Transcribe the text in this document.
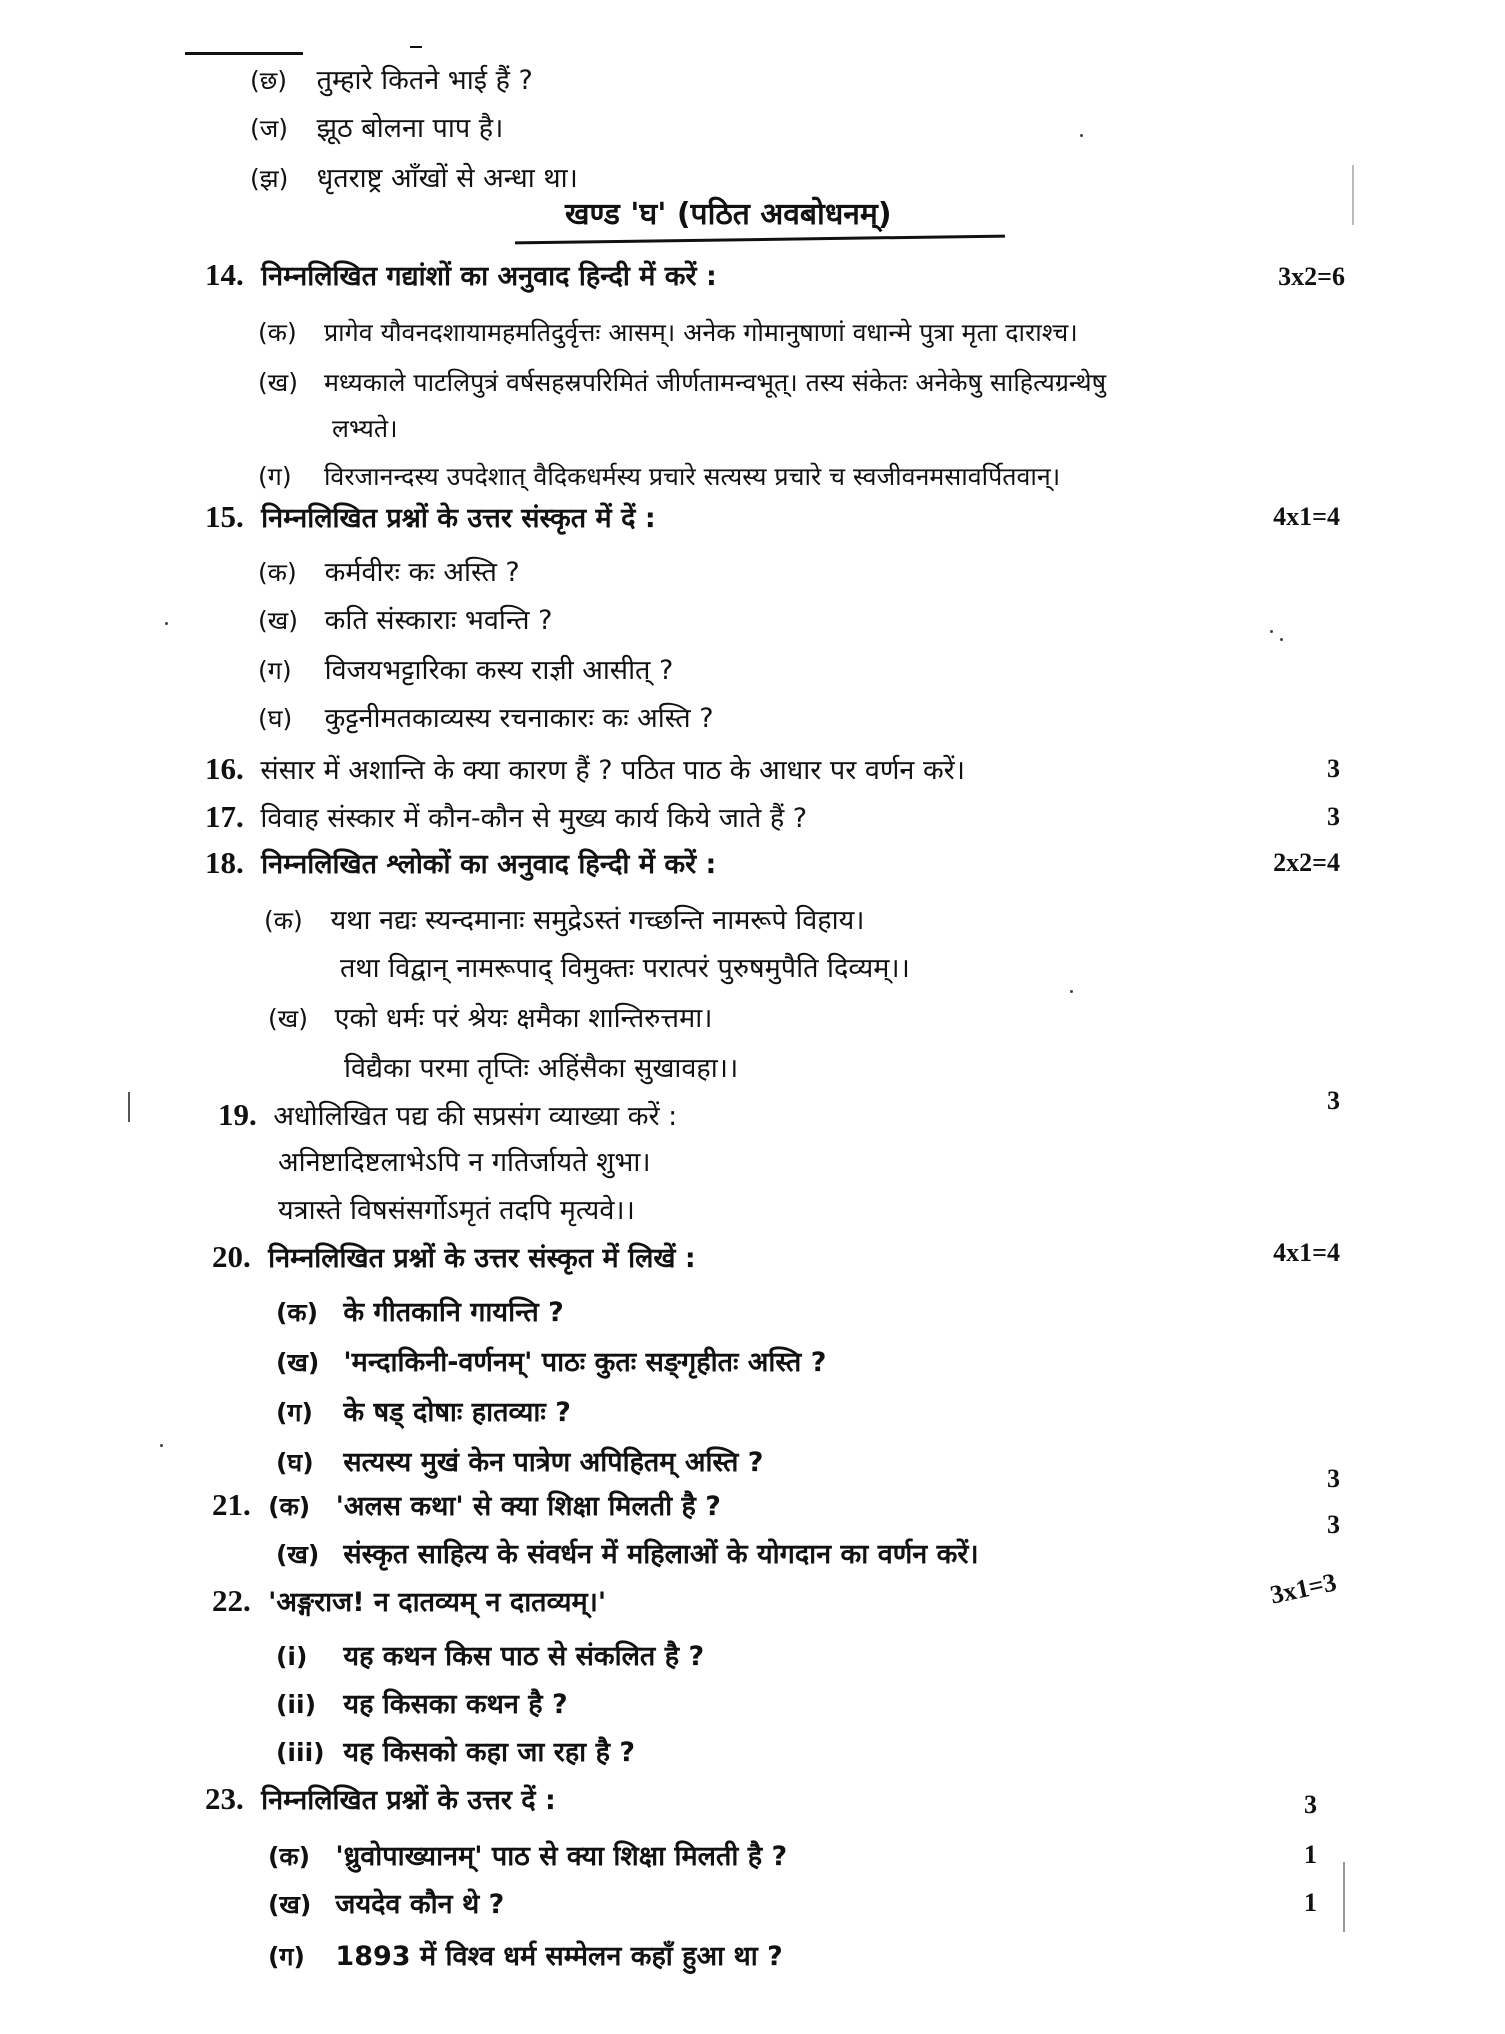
(छ) तुम्हारे कितने भाई हैं ?
(ज) झूठ बोलना पाप है।
(झ) धृतराष्ट्र आँखों से अन्धा था।
खण्ड 'घ' (पठित अवबोधनम्)
14. निम्नलिखित गद्यांशों का अनुवाद हिन्दी में करें :	3x2=6
(क) प्रागेव यौवनदशायामहमतिदुर्वृत्तः आसम्। अनेक गोमानुषाणां वधान्मे पुत्रा मृता दाराश्च।
(ख) मध्यकाले पाटलिपुत्रं वर्षसहस्रपरिमितं जीर्णतामन्वभूत्। तस्य संकेतः अनेकेषु साहित्यग्रन्थेषु
लभ्यते।
(ग) विरजानन्दस्य उपदेशात् वैदिकधर्मस्य प्रचारे सत्यस्य प्रचारे च स्वजीवनमसावर्पितवान्।
15. निम्नलिखित प्रश्नों के उत्तर संस्कृत में दें :	4x1=4
(क) कर्मवीरः कः अस्ति ?
(ख) कति संस्काराः भवन्ति ?
(ग) विजयभट्टारिका कस्य राज्ञी आसीत् ?
(घ) कुट्टनीमतकाव्यस्य रचनाकारः कः अस्ति ?
16. संसार में अशान्ति के क्या कारण हैं ? पठित पाठ के आधार पर वर्णन करें।	3
17. विवाह संस्कार में कौन-कौन से मुख्य कार्य किये जाते हैं ?	3
18. निम्नलिखित श्लोकों का अनुवाद हिन्दी में करें :	2x2=4
(क) यथा नद्यः स्यन्दमानाः समुद्रेऽस्तं गच्छन्ति नामरूपे विहाय।
तथा विद्वान् नामरूपाद् विमुक्तः परात्परं पुरुषमुपैति दिव्यम्।।
(ख) एको धर्मः परं श्रेयः क्षमैका शान्तिरुत्तमा।
विद्यैका परमा तृप्तिः अहिंसैका सुखावहा।।
19. अधोलिखित पद्य की सप्रसंग व्याख्या करें :
3
अनिष्टादिष्टलाभेऽपि न गतिर्जायते शुभा।
यत्रास्ते विषसंसर्गोऽमृतं तदपि मृत्यवे।।
20. निम्नलिखित प्रश्नों के उत्तर संस्कृत में लिखें :	4x1=4
(क) के गीतकानि गायन्ति ?
(ख) 'मन्दाकिनी-वर्णनम्' पाठः कुतः सङ्गृहीतः अस्ति ?
(ग) के षड् दोषाः हातव्याः ?
(घ) सत्यस्य मुखं केन पात्रेण अपिहितम् अस्ति ?
21. (क) 'अलस कथा' से क्या शिक्षा मिलती है ?
3
3
(ख) संस्कृत साहित्य के संवर्धन में महिलाओं के योगदान का वर्णन करें।
22. 'अङ्गराज! न दातव्यम् न दातव्यम्।'	3x1=3
(i) यह कथन किस पाठ से संकलित है ?
(ii) यह किसका कथन है ?
(iii) यह किसको कहा जा रहा है ?
23. निम्नलिखित प्रश्नों के उत्तर दें :	3
(क) 'ध्रुवोपाख्यानम्' पाठ से क्या शिक्षा मिलती है ?	1
(ख) जयदेव कौन थे ?	1
(ग) 1893 में विश्व धर्म सम्मेलन कहाँ हुआ था ?
